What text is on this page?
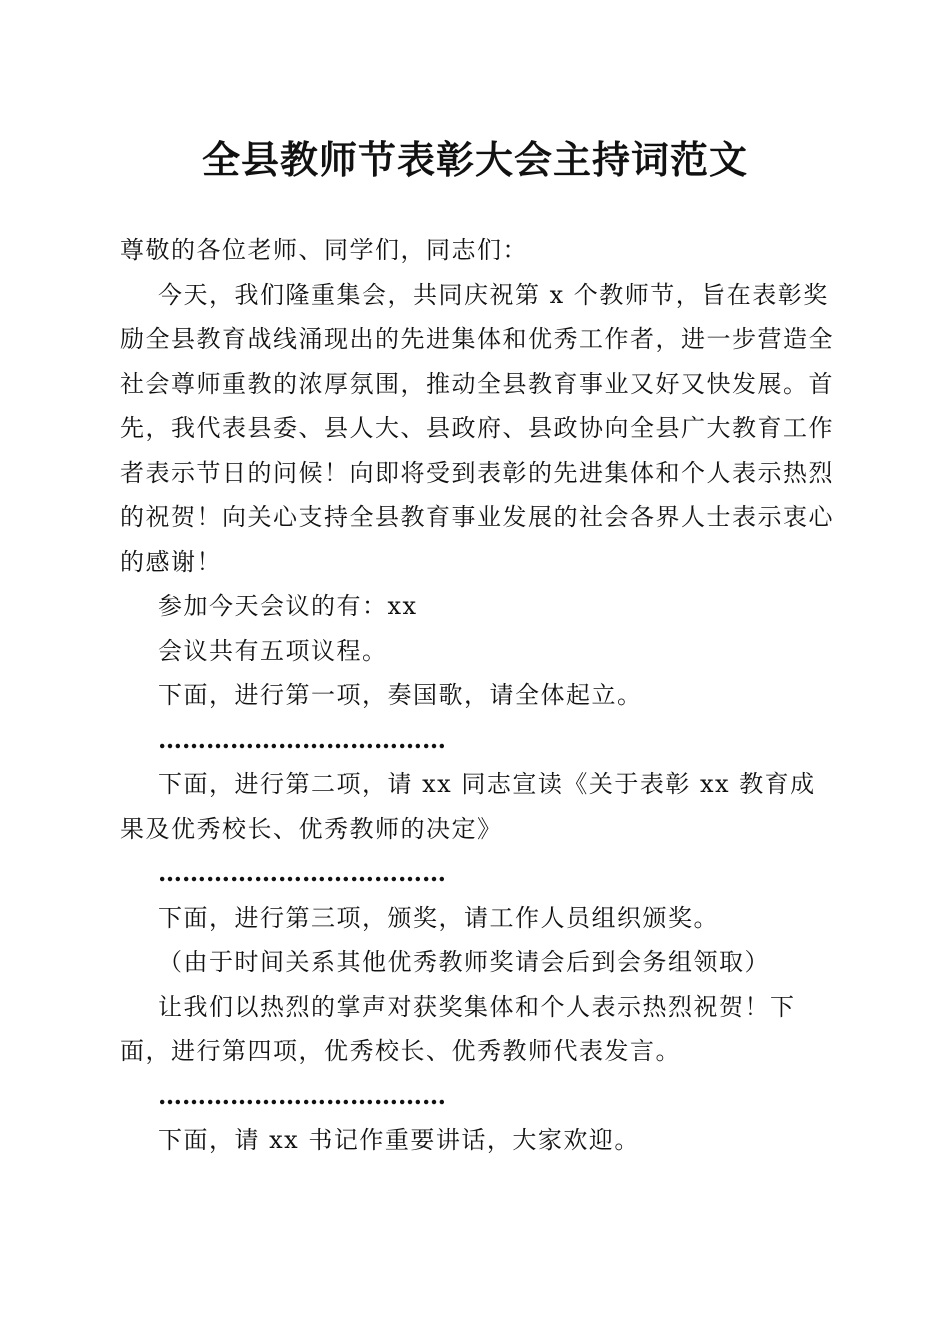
全县教师节表彰大会主持词范文

尊敬的各位老师、同学们，同志们：

今天，我们隆重集会，共同庆祝第 x 个教师节，旨在表彰奖励全县教育战线涌现出的先进集体和优秀工作者，进一步营造全社会尊师重教的浓厚氛围，推动全县教育事业又好又快发展。首先，我代表县委、县人大、县政府、县政协向全县广大教育工作者表示节日的问候！向即将受到表彰的先进集体和个人表示热烈的祝贺！向关心支持全县教育事业发展的社会各界人士表示衷心的感谢！

参加今天会议的有：xx

会议共有五项议程。

下面，进行第一项，奏国歌，请全体起立。

………………………………

下面，进行第二项，请 xx 同志宣读《关于表彰 xx 教育成果及优秀校长、优秀教师的决定》

………………………………

下面，进行第三项，颁奖，请工作人员组织颁奖。

（由于时间关系其他优秀教师奖请会后到会务组领取）

让我们以热烈的掌声对获奖集体和个人表示热烈祝贺！下面，进行第四项，优秀校长、优秀教师代表发言。

………………………………

下面，请 xx 书记作重要讲话，大家欢迎。
